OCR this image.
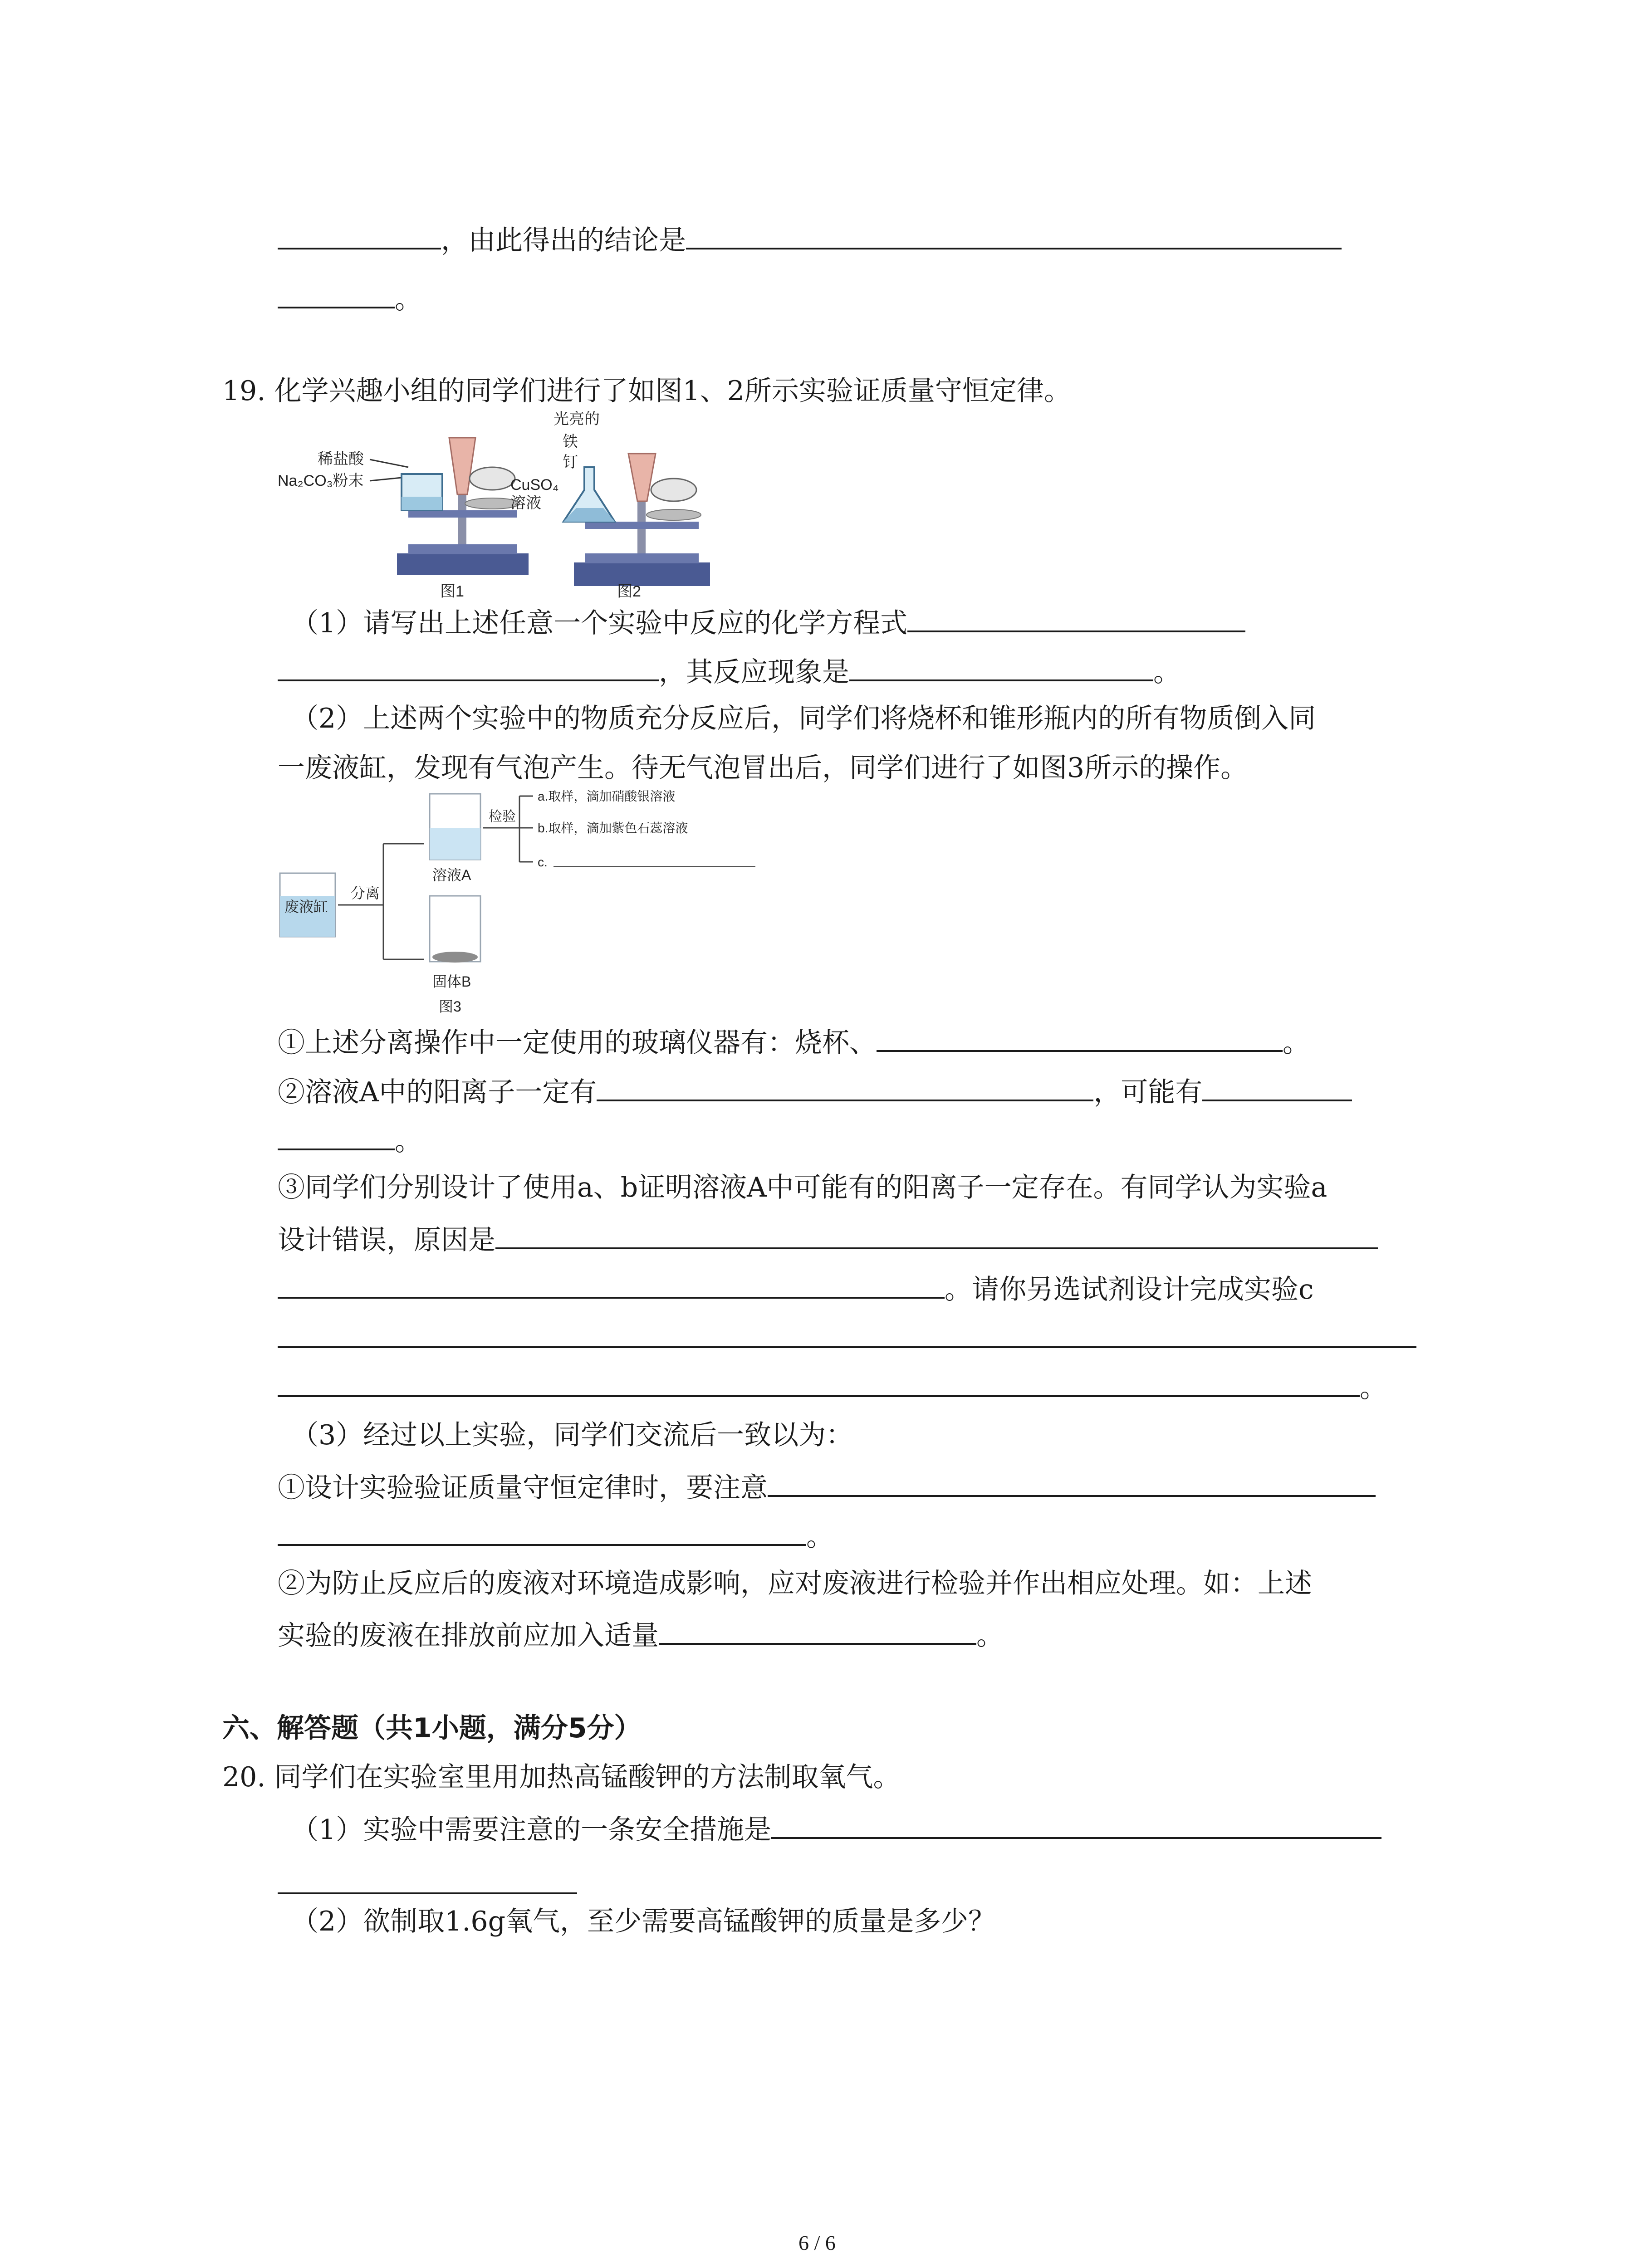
，由此得出的结论是
。
19. 化学兴趣小组的同学们进行了如图1、2所示实验证质量守恒定律。
稀盐酸
Na₂CO₃粉末
图1
光亮的
铁
钉
CuSO₄
溶液
图2
（1）请写出上述任意一个实验中反应的化学方程式
，其反应现象是	。
（2）上述两个实验中的物质充分反应后，同学们将烧杯和锥形瓶内的所有物质倒入同
一废液缸，发现有气泡产生。待无气泡冒出后，同学们进行了如图3所示的操作。
废液缸
分离
溶液A
固体B
检验
a.取样，滴加硝酸银溶液
b.取样，滴加紫色石蕊溶液
c.
图3
①上述分离操作中一定使用的玻璃仪器有：烧杯、	。
②溶液A中的阳离子一定有	，可能有
。
③同学们分别设计了使用a、b证明溶液A中可能有的阳离子一定存在。有同学认为实验a
设计错误，原因是
。请你另选试剂设计完成实验c
。
（3）经过以上实验，同学们交流后一致以为：
①设计实验验证质量守恒定律时，要注意
。
②为防止反应后的废液对环境造成影响，应对废液进行检验并作出相应处理。如：上述
实验的废液在排放前应加入适量	。
六、解答题（共1小题，满分5分）
20. 同学们在实验室里用加热高锰酸钾的方法制取氧气。
（1）实验中需要注意的一条安全措施是
（2）欲制取1.6g氧气，至少需要高锰酸钾的质量是多少？
6 / 6
